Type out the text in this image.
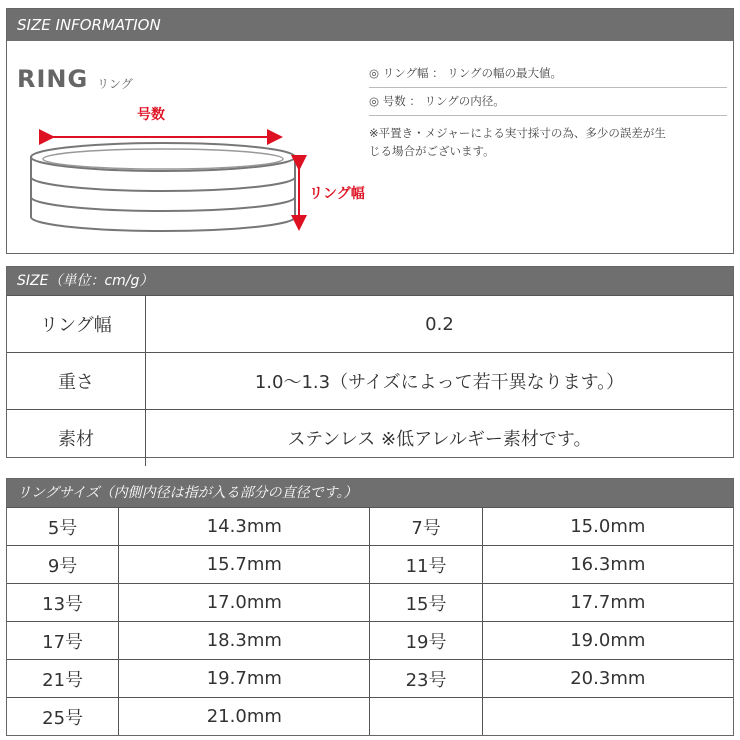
SIZE INFORMATION
RING リング
号数
リング幅
◎ リング幅 ： リングの幅の最大値。
◎ 号数 ： リングの内径。
※平置き・メジャーによる実寸採寸の為、多少の誤差が生
じる場合がございます。
SIZE（単位：cm/g）
リング幅	0.2
重さ	1.0～1.3（サイズによって若干異なります。）
素材	ステンレス ※低アレルギー素材です。
リングサイズ（内側内径は指が入る部分の直径です。）
5号	14.3mm	7号	15.0mm
9号	15.7mm	11号	16.3mm
13号	17.0mm	15号	17.7mm
17号	18.3mm	19号	19.0mm
21号	19.7mm	23号	20.3mm
25号	21.0mm		
